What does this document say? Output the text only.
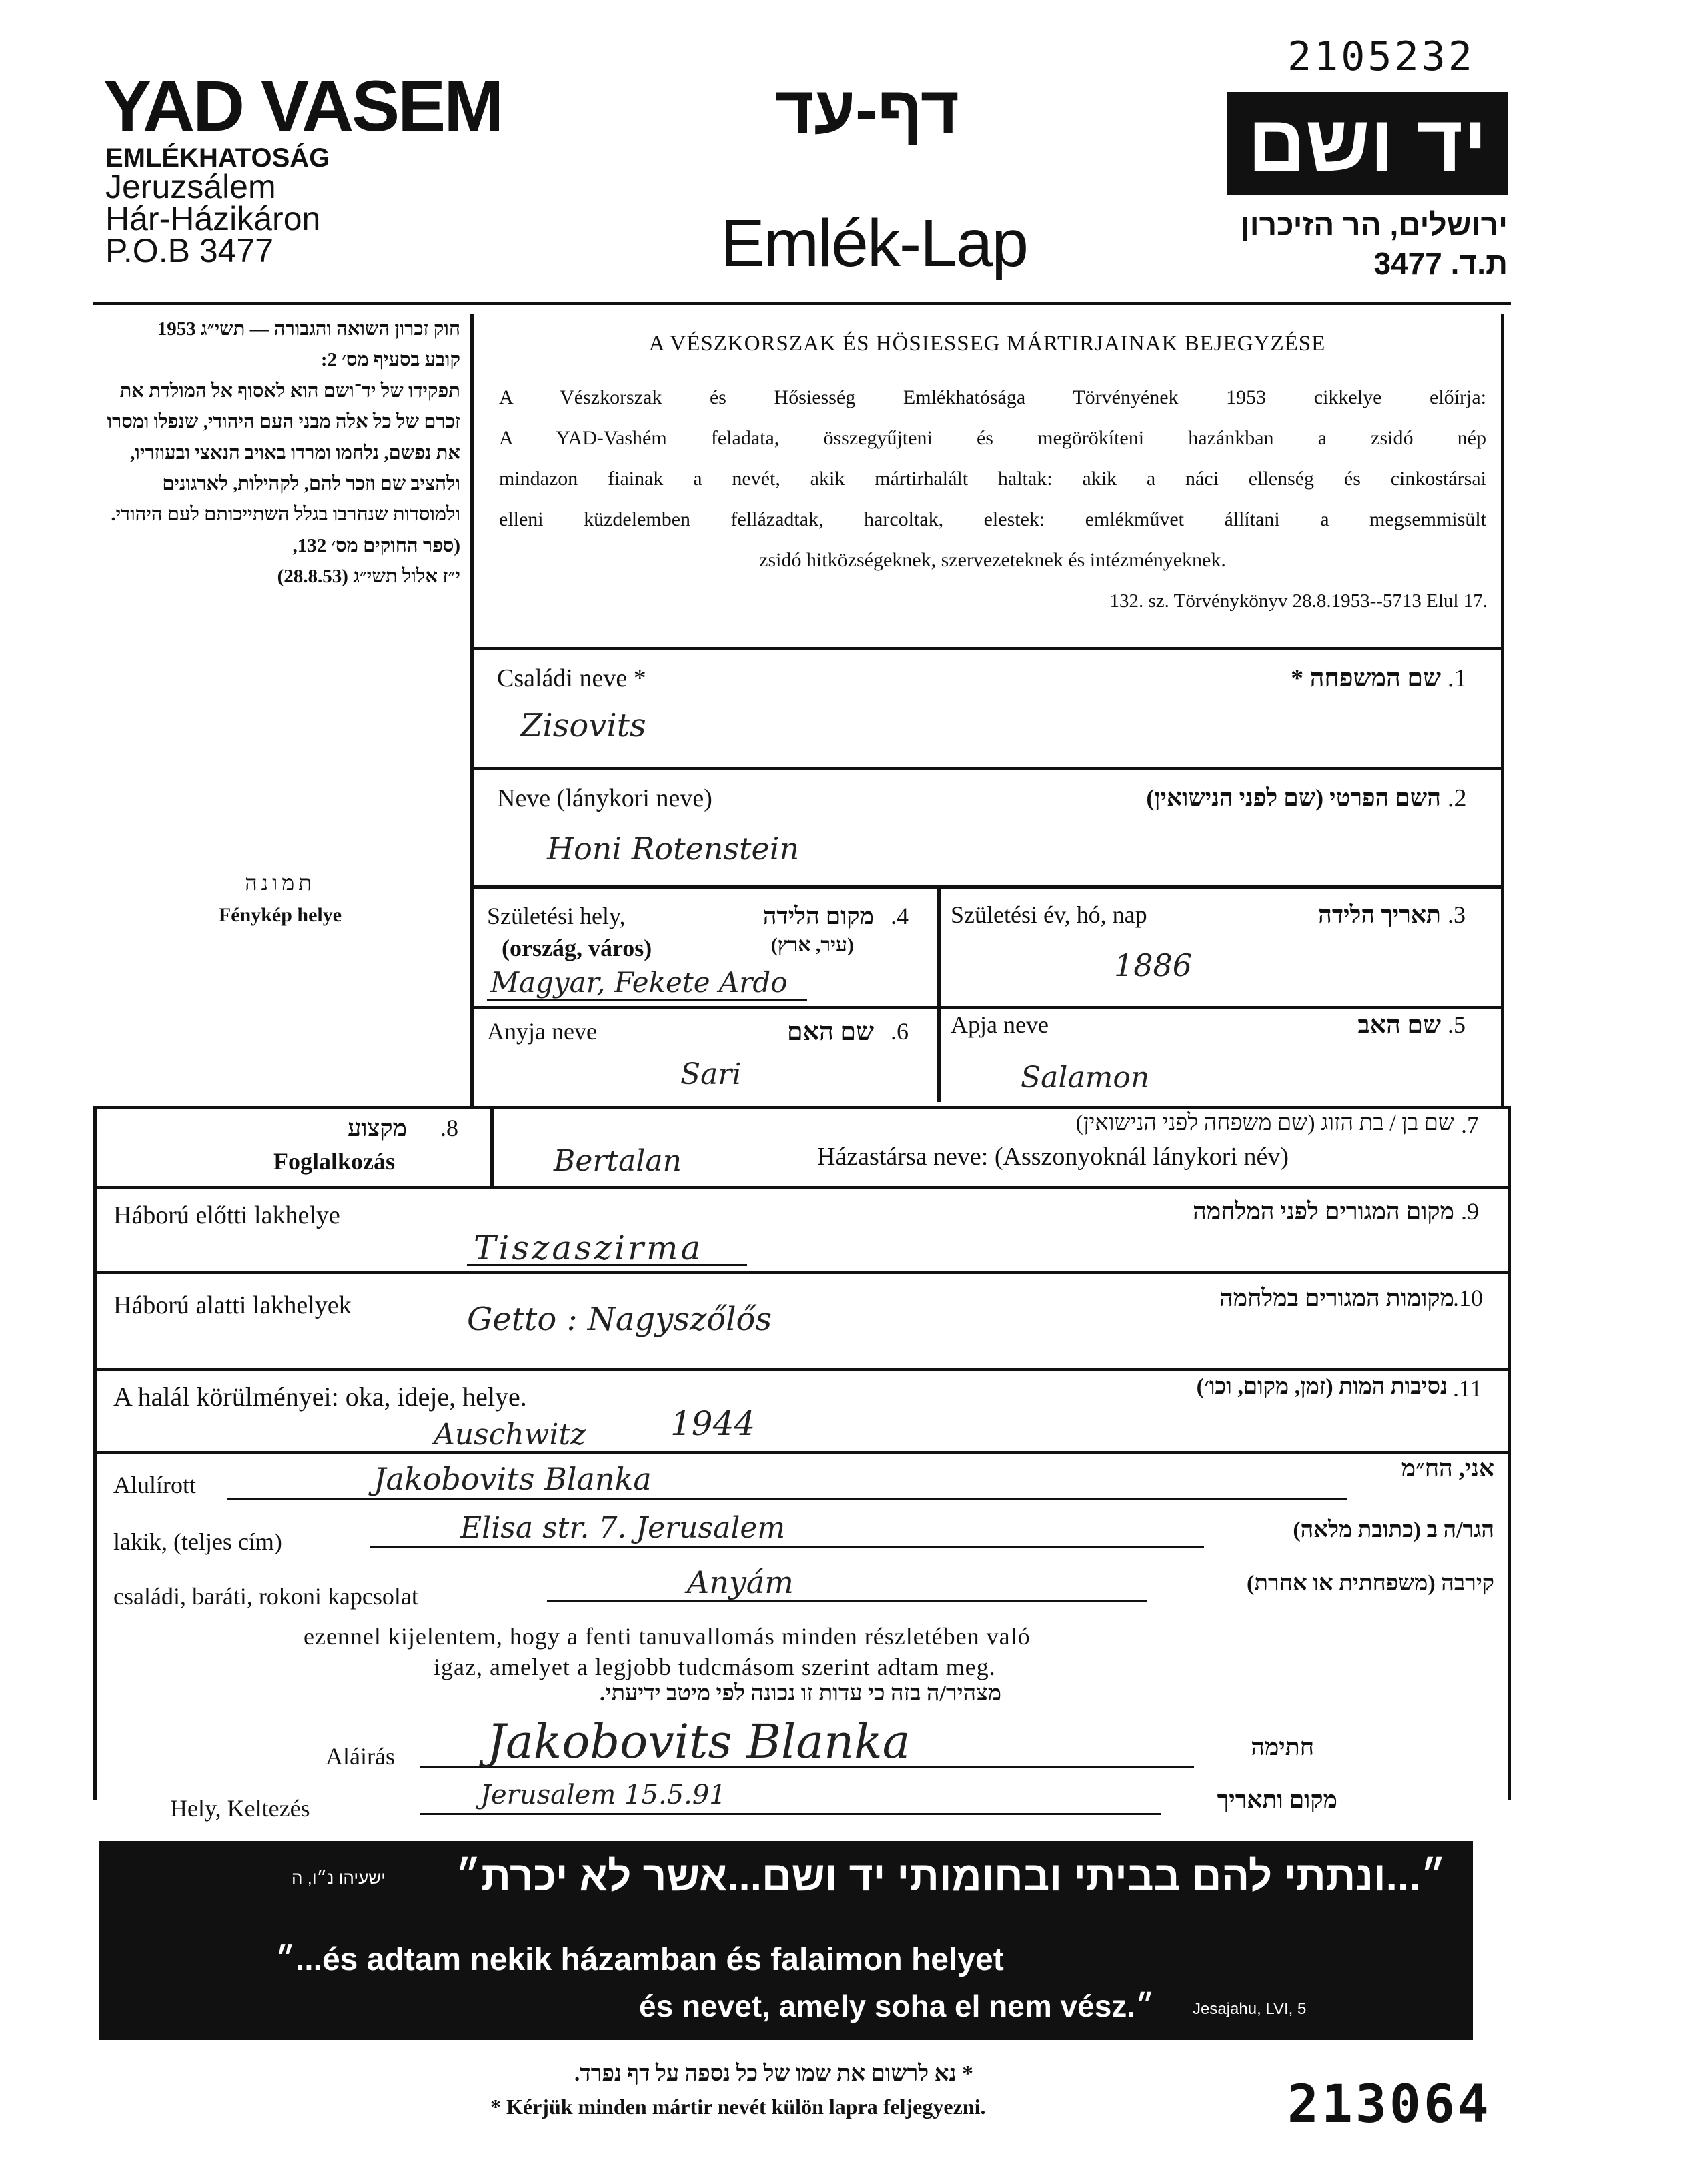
2105232
YAD VASEM
EMLÉKHATOSÁG
Jeruzsálem
Hár-Házikáron
P.O.B 3477
דף-עד
Emlék-Lap
יד ושם
ירושלים, הר הזיכרון
ת.ד. 3477
חוק זכרון השואה והגבורה — תשי״ג 1953
קובע בסעיף מס׳ 2:
תפקידו של יד־ושם הוא לאסוף אל המולדת את זכרם של כל אלה מבני העם היהודי, שנפלו ומסרו את נפשם, נלחמו ומרדו באויב הנאצי ובעוזריו, ולהציב שם וזכר להם, לקהילות, לארגונים ולמוסדות שנחרבו בגלל השתייכותם לעם היהודי.
(ספר החוקים מס׳ 132,
י״ז אלול תשי״ג (28.8.53)
תמונה
Fénykép helye
A VÉSZKORSZAK ÉS HÖSIESSEG MÁRTIRJAINAK BEJEGYZÉSE
A Vészkorszak és Hősiesség Emlékhatósága Törvényének 1953 cikkelye előírja:
A YAD-Vashém feladata, összegyűjteni és megörökíteni hazánkban a zsidó nép
mindazon fiainak a nevét, akik mártirhalált haltak: akik a náci ellenség és cinkostársai
elleni küzdelemben fellázadtak, harcoltak, elestek: emlékművet állítani a megsemmisült
zsidó hitközségeknek, szervezeteknek és intézményeknek.
132. sz. Törvénykönyv 28.8.1953--5713 Elul 17.
Családi neve *	שם המשפחה * .1
Zisovits
Neve (lánykori neve)	השם הפרטי (שם לפני הנישואין) .2
Honi Rotenstein
Születési hely,
(ország, város)
מקום הלידה
(עיר, ארץ)
.4
Magyar, Fekete Ardo
Születési év, hó, nap	תאריך הלידה .3
1886
Anyja neve	שם האם .6
Sari
Apja neve	שם האב .5
Salamon
מקצוע .8
Foglalkozás
שם בן / בת הזוג (שם משפחה לפני הנישואין) .7
Bertalan	Házastársa neve: (Asszonyoknál lánykori név)
Háború előtti lakhelye	מקום המגורים לפני המלחמה .9
Tiszaszirma
Háború alatti lakhelyek	מקומות המגורים במלחמה
.10
Getto : Nagyszőlős
A halál körülményei: oka, ideje, helye.	נסיבות המות (זמן, מקום, וכו׳) .11
Auschwitz	1944
Alulírott
אני, הח״מ
Jakobovits Blanka
lakik, (teljes cím)	הגר/ה ב (כתובת מלאה)
Elisa str. 7. Jerusalem
családi, baráti, rokoni kapcsolat	קירבה (משפחתית או אחרת)
Anyám
ezennel kijelentem, hogy a fenti tanuvallomás minden részletében való
igaz, amelyet a legjobb tudcmásom szerint adtam meg.
מצהיר/ה בזה כי עדות זו נכונה לפי מיטב ידיעתי.
Aláirás	חתימה
Jakobovits Blanka
Hely, Keltezés	מקום ותאריך
Jerusalem 15.5.91
״...ונתתי להם בביתי ובחומותי יד ושם...אשר לא יכרת״
ישעיהו נ״ו, ה
״...és adtam nekik házamban és falaimon helyet
és nevet, amely soha el nem vész.״ Jesajahu, LVI, 5
* נא לרשום את שמו של כל נספה על דף נפרד.
* Kérjük minden mártir nevét külön lapra feljegyezni.	213064
